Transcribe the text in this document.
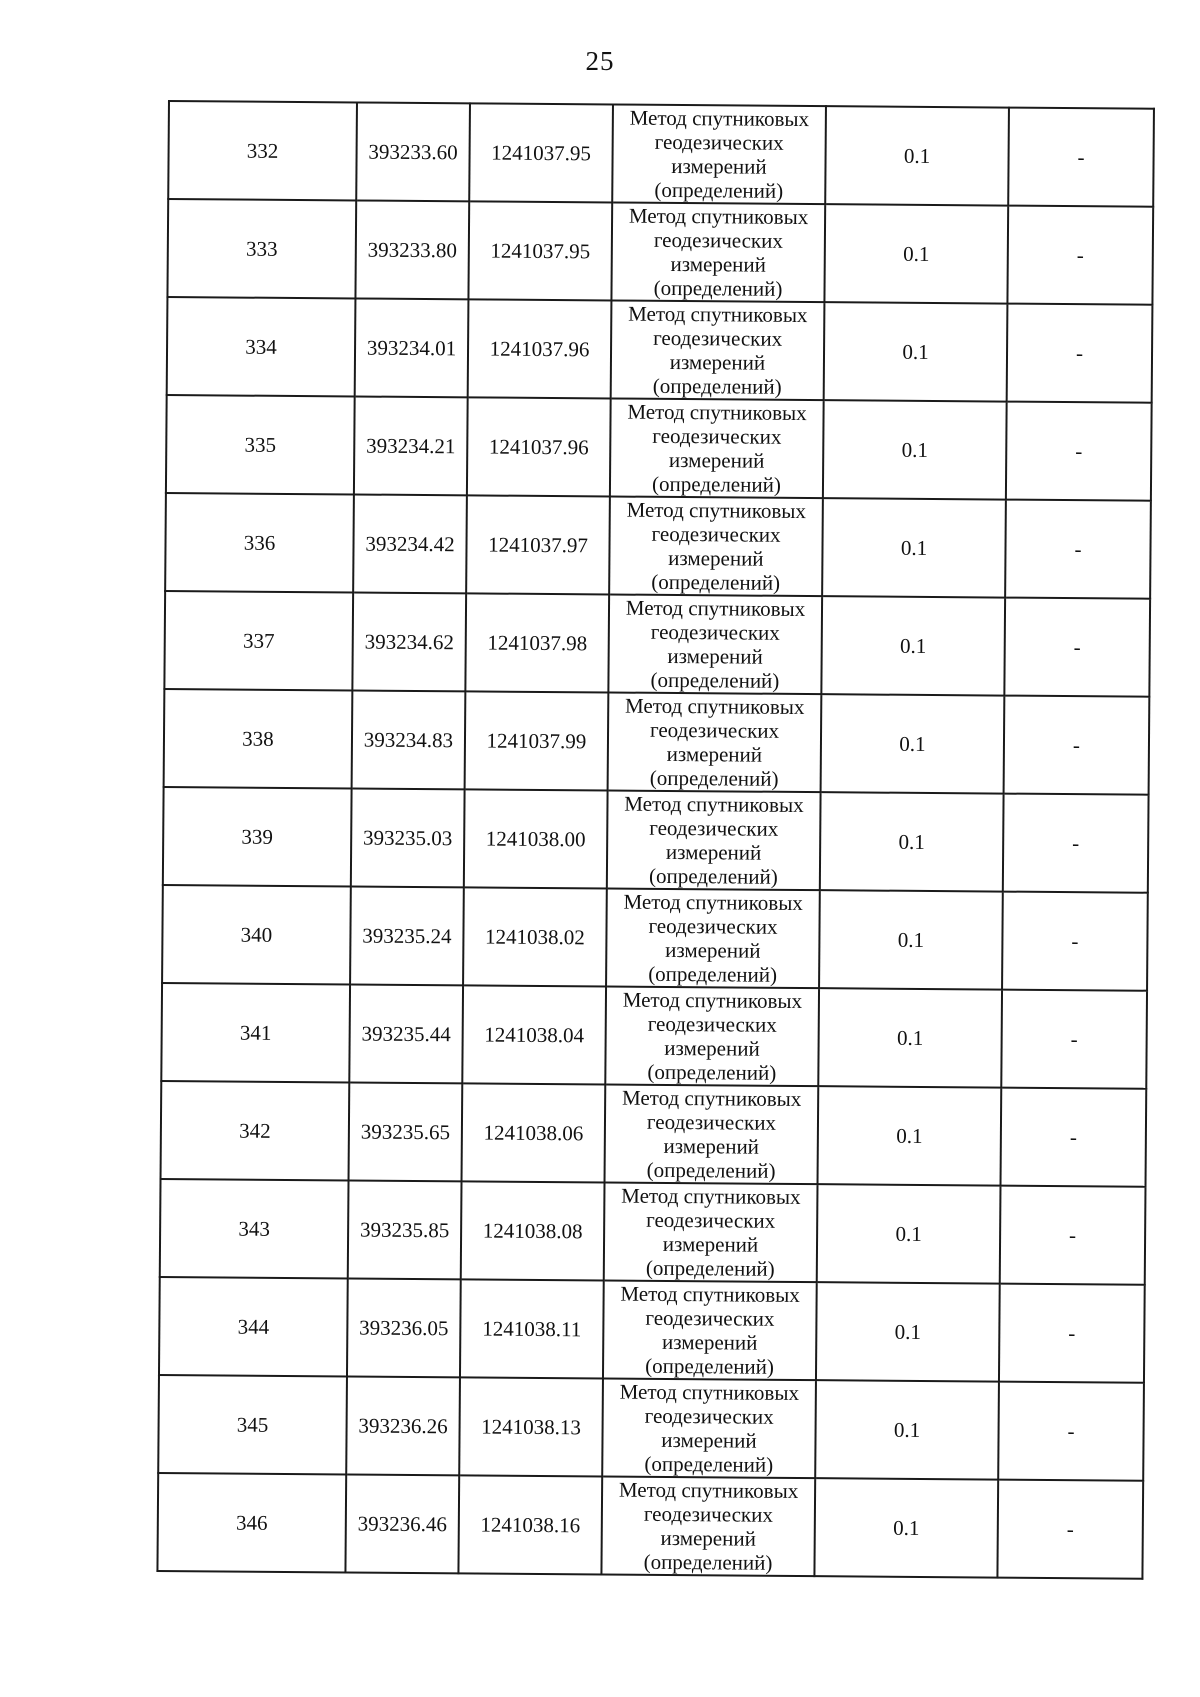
25
332	393233.60	1241037.95	Метод спутниковых геодезических измерений (определений)	0.1	-
333	393233.80	1241037.95	Метод спутниковых геодезических измерений (определений)	0.1	-
334	393234.01	1241037.96	Метод спутниковых геодезических измерений (определений)	0.1	-
335	393234.21	1241037.96	Метод спутниковых геодезических измерений (определений)	0.1	-
336	393234.42	1241037.97	Метод спутниковых геодезических измерений (определений)	0.1	-
337	393234.62	1241037.98	Метод спутниковых геодезических измерений (определений)	0.1	-
338	393234.83	1241037.99	Метод спутниковых геодезических измерений (определений)	0.1	-
339	393235.03	1241038.00	Метод спутниковых геодезических измерений (определений)	0.1	-
340	393235.24	1241038.02	Метод спутниковых геодезических измерений (определений)	0.1	-
341	393235.44	1241038.04	Метод спутниковых геодезических измерений (определений)	0.1	-
342	393235.65	1241038.06	Метод спутниковых геодезических измерений (определений)	0.1	-
343	393235.85	1241038.08	Метод спутниковых геодезических измерений (определений)	0.1	-
344	393236.05	1241038.11	Метод спутниковых геодезических измерений (определений)	0.1	-
345	393236.26	1241038.13	Метод спутниковых геодезических измерений (определений)	0.1	-
346	393236.46	1241038.16	Метод спутниковых геодезических измерений (определений)	0.1	-
